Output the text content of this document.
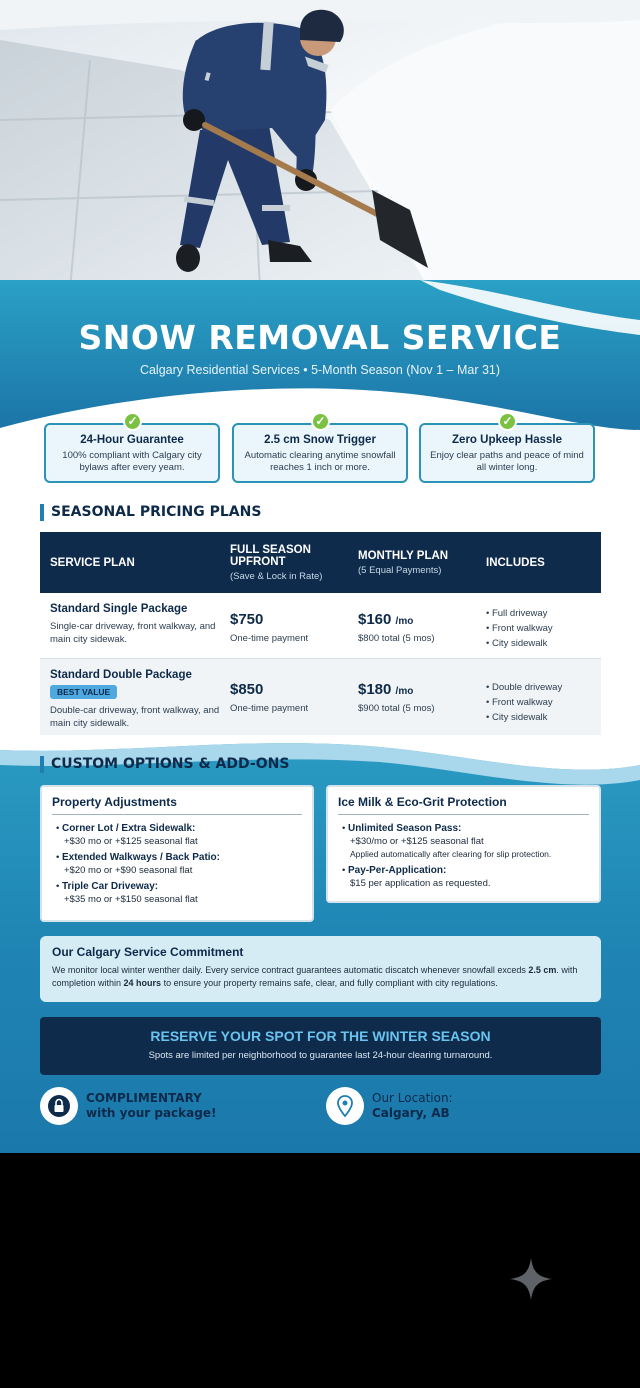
SNOW REMOVAL SERVICE
Calgary Residential Services • 5-Month Season (Nov 1 – Mar 31)
✓
24-Hour Guarantee
100% compliant with Calgary city bylaws after every yeam.
✓
2.5 cm Snow Trigger
Automatic clearing anytime snowfall reaches 1 inch or more.
✓
Zero Upkeep Hassle
Enjoy clear paths and peace of mind all winter long.
SEASONAL PRICING PLANS
SERVICE PLAN
FULL SEASON UPFRONT
(Save & Lock in Rate)
MONTHLY PLAN
(5 Equal Payments)
INCLUDES
Standard Single Package
Single-car driveway, front walkway, and main city sidewak.
$750
One-time payment
$160 /mo
$800 total (5 mos)
• Full driveway
• Front walkway
• City sidewalk
Standard Double Package
BEST VALUE
Double-car driveway, front walkway, and main city sidewalk.
$850
One-time payment
$180 /mo
$900 total (5 mos)
• Double driveway
• Front walkway
• City sidewalk
CUSTOM OPTIONS & ADD-ONS
Property Adjustments
• Corner Lot / Extra Sidewalk:
+$30 mo or +$125 seasonal flat
• Extended Walkways / Back Patio:
+$20 mo or +$90 seasonal flat
• Triple Car Driveway:
+$35 mo or +$150 seasonal flat
Ice Milk & Eco-Grit Protection
• Unlimited Season Pass:
+$30/mo or +$125 seasonal flat
Applied automatically after clearing for slip protection.
• Pay-Per-Application:
$15 per application as requested.
Our Calgary Service Commitment
We monitor local winter wenther daily. Every service contract guarantees automatic discatch whenever snowfall exceds 2.5 cm. with completion within 24 hours to ensure your property remains safe, clear, and fully compliant with city regulations.
RESERVE YOUR SPOT FOR THE WINTER SEASON
Spots are limited per neighborhood to guarantee last 24-hour clearing turnaround.
COMPLIMENTARY
with your package!
Our Location:
Calgary, AB
